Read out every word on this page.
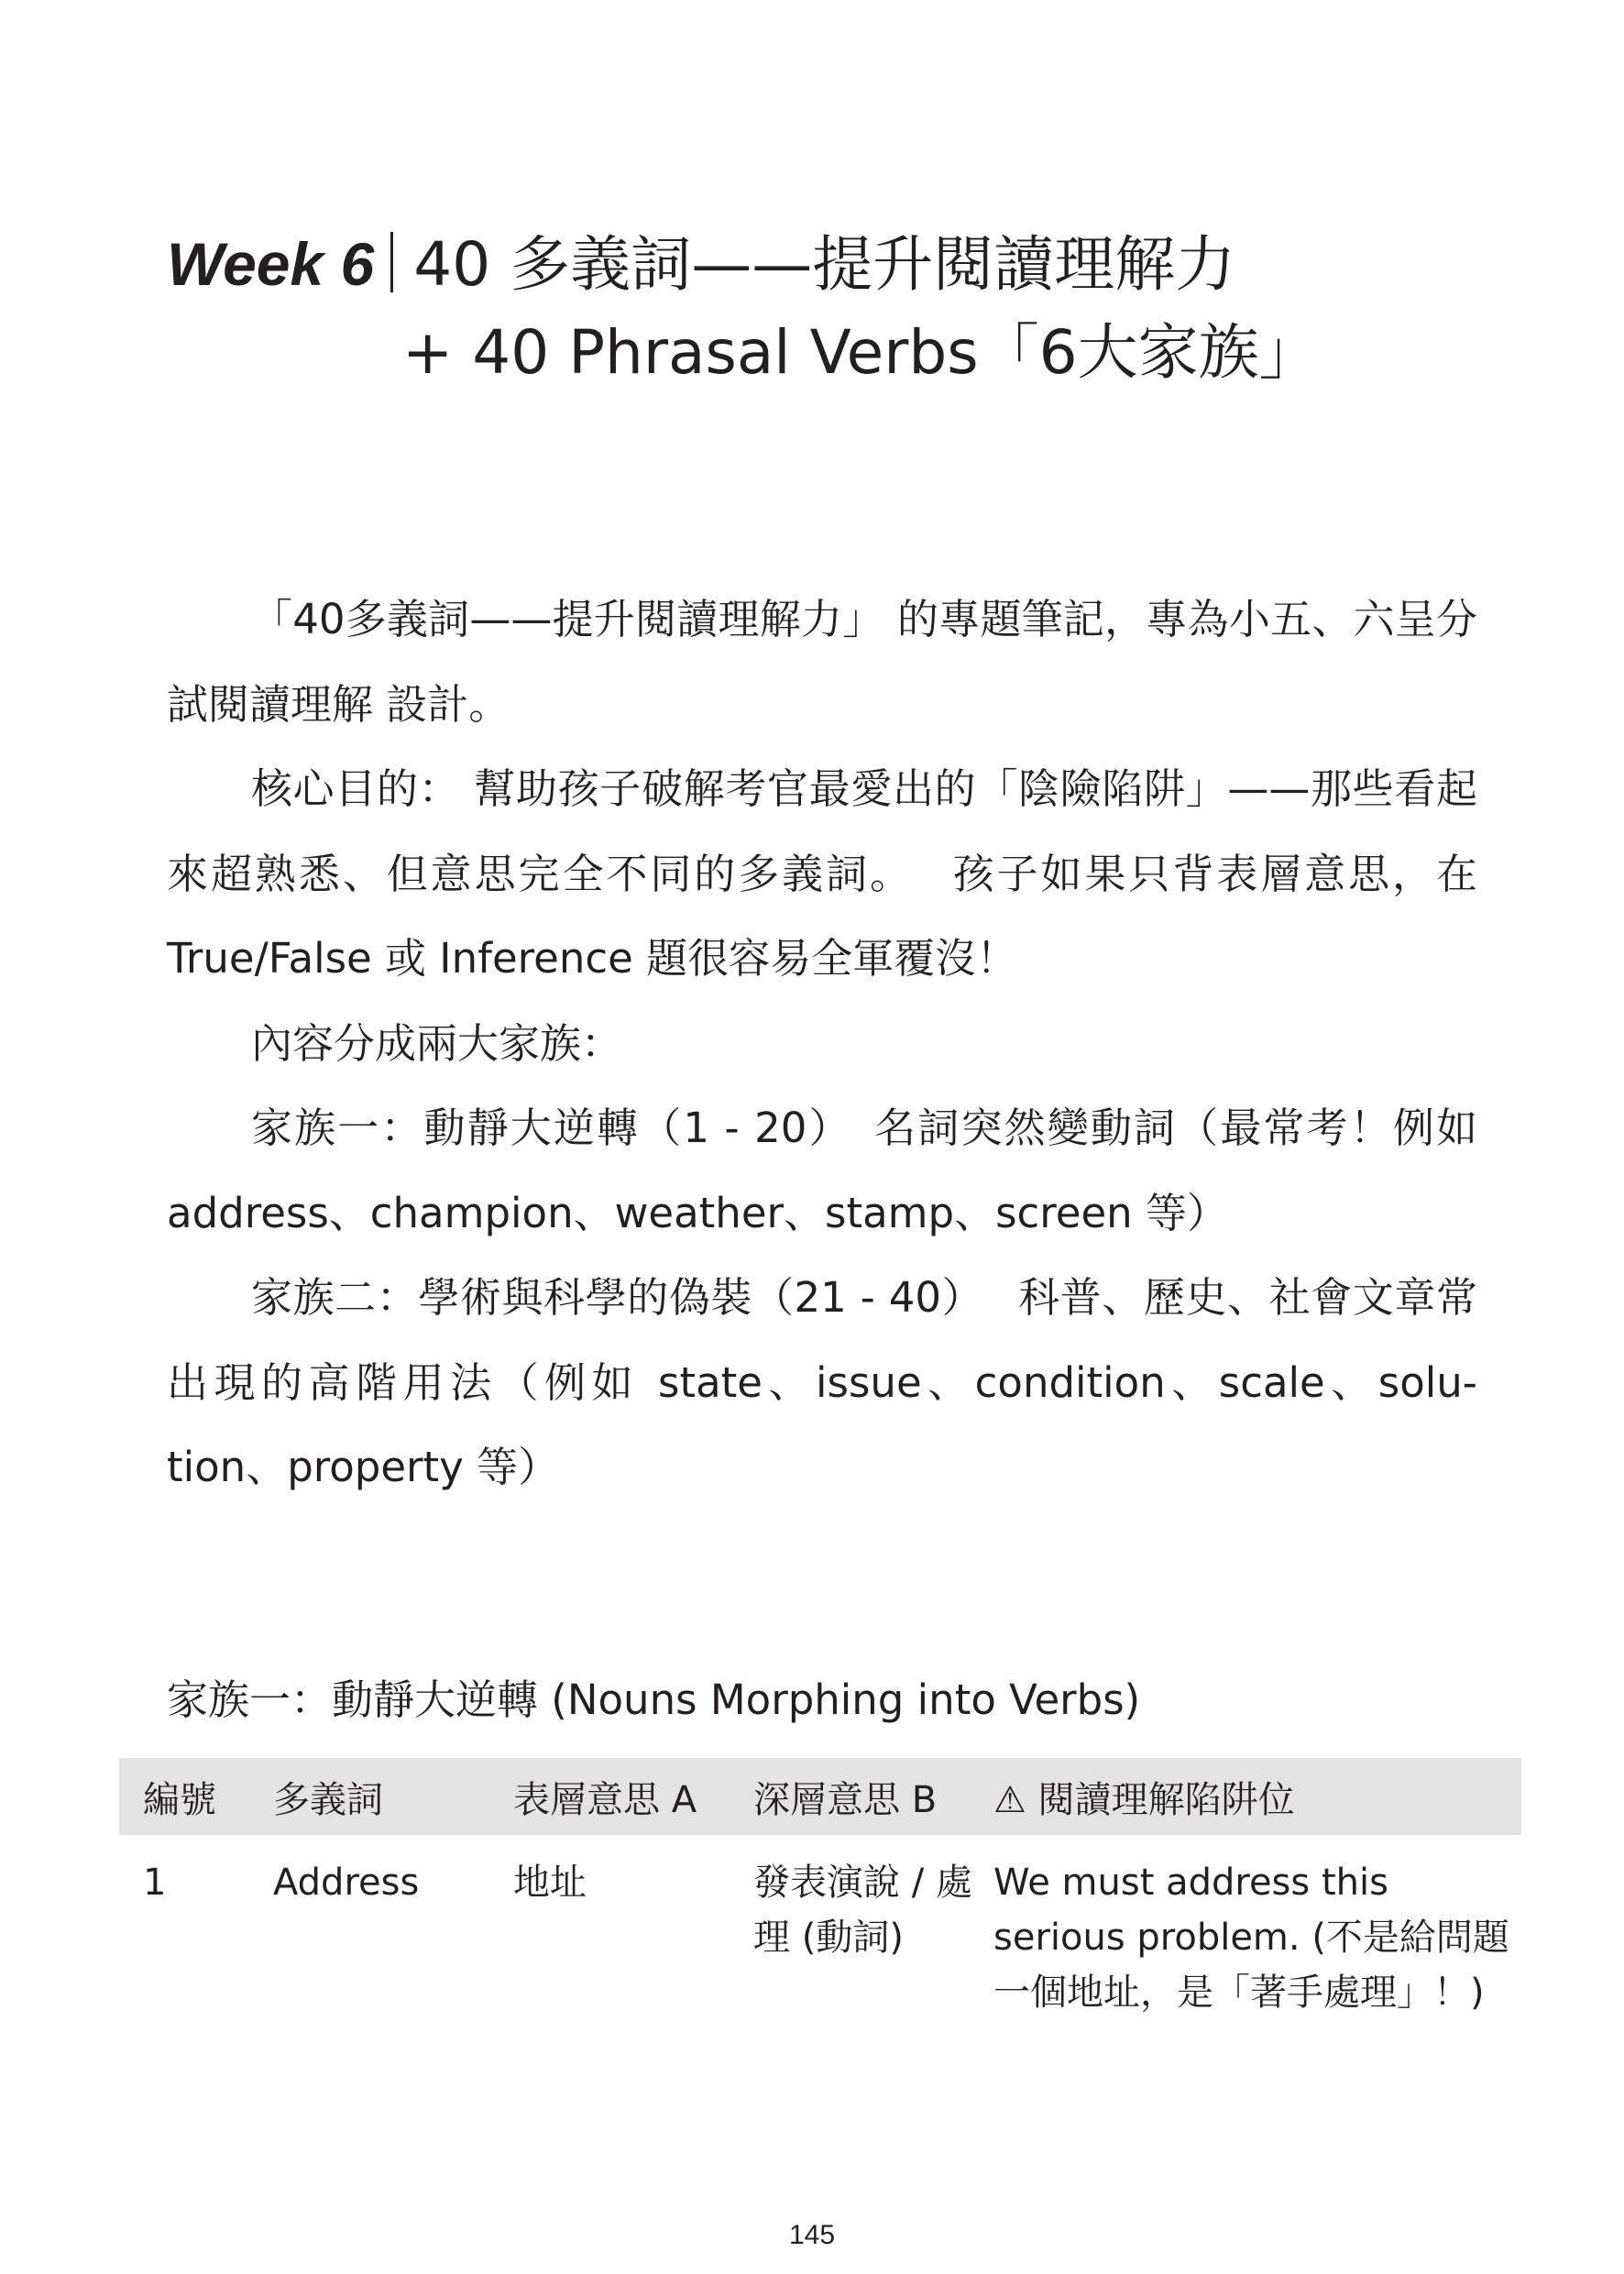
Week 6 40 多義詞——提升閱讀理解力
+ 40 Phrasal Verbs「6大家族」

「40多義詞——提升閱讀理解力」 的專題筆記，專為小五、六呈分試閱讀理解 設計。

核心目的： 幫助孩子破解考官最愛出的「陰險陷阱」——那些看起來超熟悉、但意思完全不同的多義詞。　 孩子如果只背表層意思，在 True/False 或 Inference 題很容易全軍覆沒！

內容分成兩大家族：

家族一：動靜大逆轉（1 - 20）　名詞突然變動詞（最常考！例如 address、champion、weather、stamp、screen 等）

家族二：學術與科學的偽裝（21 - 40）　 科普、歷史、社會文章常出現的高階用法（例如 state、issue、condition、scale、solu-tion、property 等）

家族一：動靜大逆轉 (Nouns Morphing into Verbs)
編號	多義詞	表層意思 A	深層意思 B	⚠ 閱讀理解陷阱位
1	Address	地址	發表演說 / 處理 (動詞)	We must address this serious problem. (不是給問題一個地址，是「著手處理」！)
145
